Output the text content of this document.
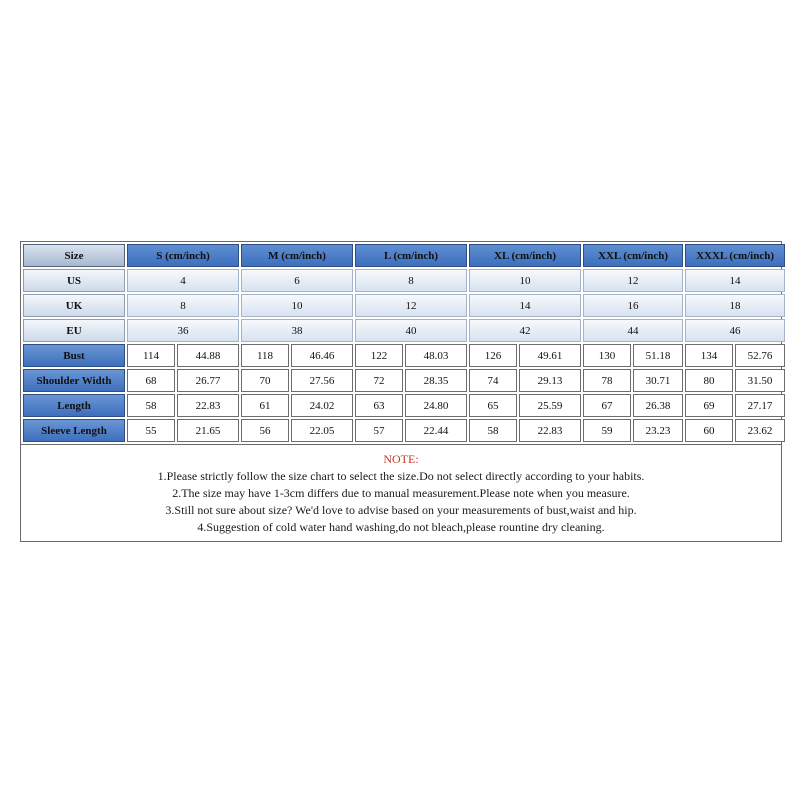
Size	S (cm/inch)		M (cm/inch)		L (cm/inch)		XL (cm/inch)		XXL (cm/inch)		XXXL (cm/inch)	
US	4		6		8		10		12		14	
UK	8		10		12		14		16		18	
EU	36		38		40		42		44		46	
Bust	114	44.88	118	46.46	122	48.03	126	49.61	130	51.18	134	52.76
Shoulder Width	68	26.77	70	27.56	72	28.35	74	29.13	78	30.71	80	31.50
Length	58	22.83	61	24.02	63	24.80	65	25.59	67	26.38	69	27.17
Sleeve Length	55	21.65	56	22.05	57	22.44	58	22.83	59	23.23	60	23.62
NOTE:
1.Please strictly follow the size chart to select the size.Do not select directly according to your habits.
2.The size may have 1-3cm differs due to manual measurement.Please note when you measure.
3.Still not sure about size? We'd love to advise based on your measurements of bust,waist and hip.
4.Suggestion of cold water hand washing,do not bleach,please rountine dry cleaning.
